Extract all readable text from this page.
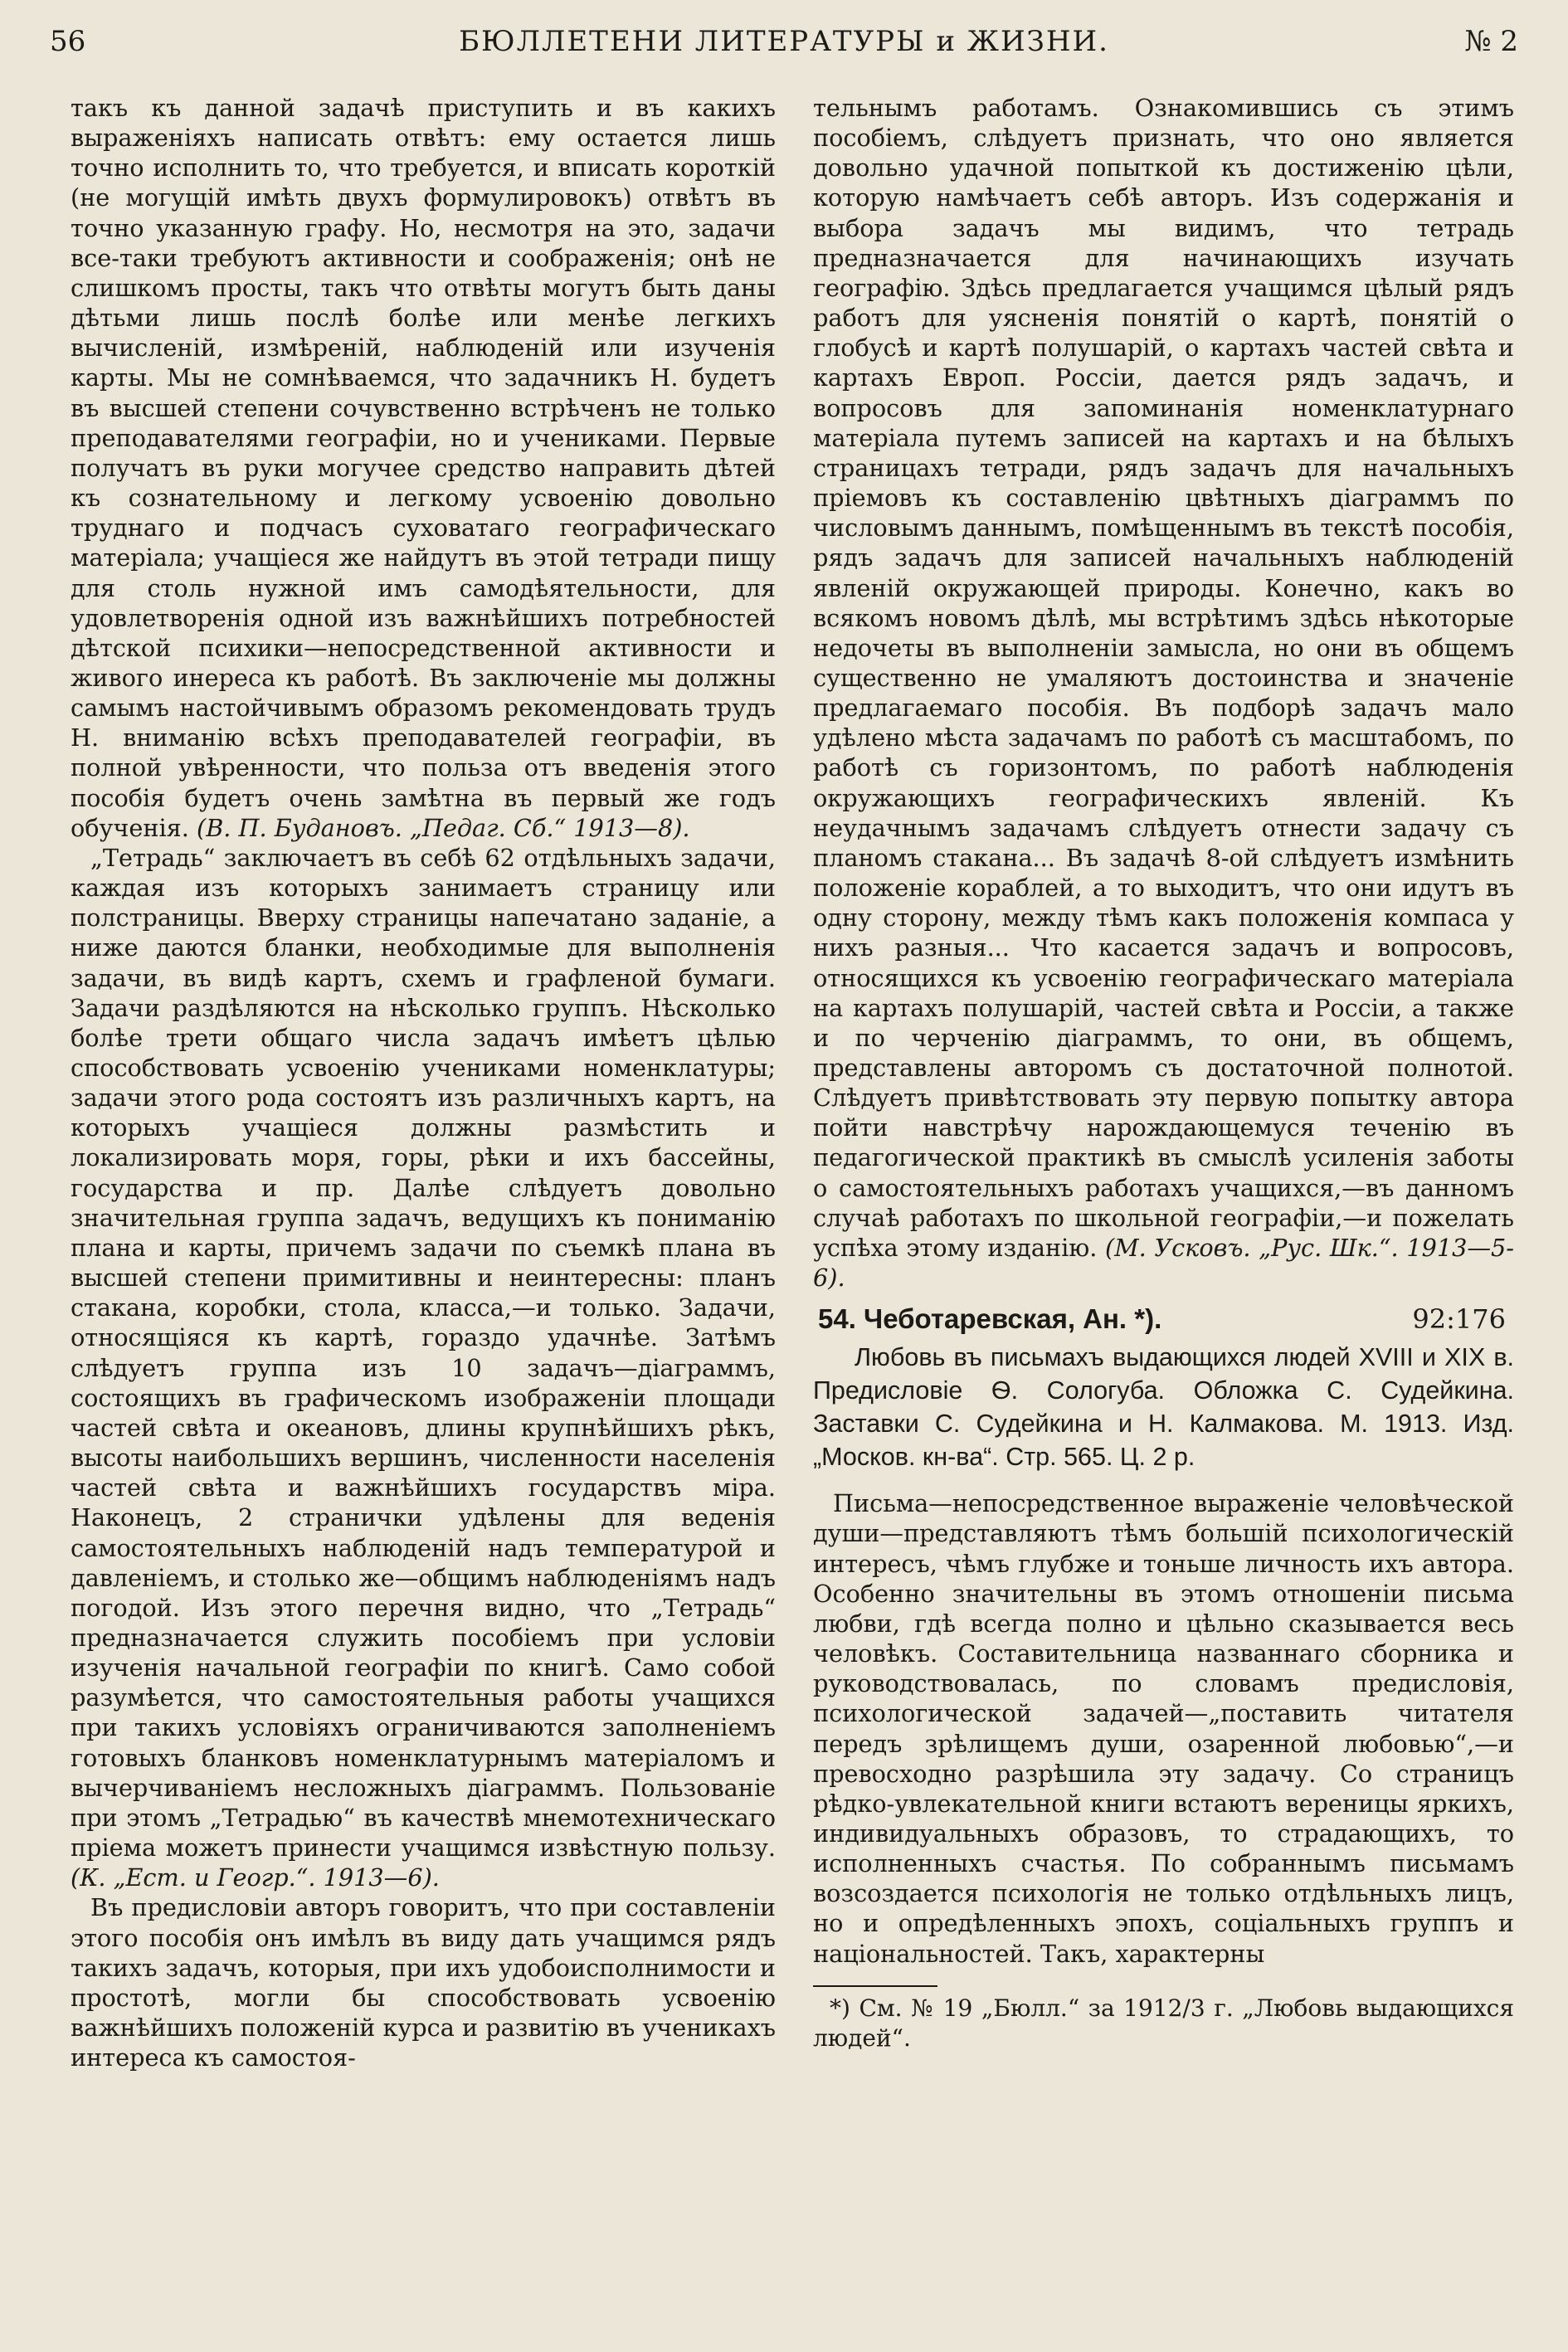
56	БЮЛЛЕТЕНИ ЛИТЕРАТУРЫ и ЖИЗНИ.	№ 2

такъ къ данной задачѣ приступить и въ какихъ выраженіяхъ написать отвѣтъ: ему остается лишь точно исполнить то, что требуется, и вписать короткій (не могущій имѣть двухъ формулировокъ) отвѣтъ въ точно указанную графу. Но, несмотря на это, задачи все-таки требуютъ активности и соображенія; онѣ не слишкомъ просты, такъ что отвѣты могутъ быть даны дѣтьми лишь послѣ болѣе или менѣе легкихъ вычисленій, измѣреній, наблюденій или изученія карты. Мы не сомнѣваемся, что задачникъ Н. будетъ въ высшей степени сочувственно встрѣченъ не только преподавателями географіи, но и учениками. Первые получатъ въ руки могучее средство направить дѣтей къ сознательному и легкому усвоенію довольно труднаго и подчасъ суховатаго географическаго матеріала; учащіеся же найдутъ въ этой тетради пищу для столь нужной имъ самодѣятельности, для удовлетворенія одной изъ важнѣйшихъ потребностей дѣтской психики—непосредственной активности и живого инереса къ работѣ. Въ заключеніе мы должны самымъ настойчивымъ образомъ рекомендовать трудъ Н. вниманію всѣхъ преподавателей географіи, въ полной увѣренности, что польза отъ введенія этого пособія будетъ очень замѣтна въ первый же годъ обученія. (В. П. Будановъ. „Педаг. Сб.“ 1913—8).

„Тетрадь“ заключаетъ въ себѣ 62 отдѣльныхъ задачи, каждая изъ которыхъ занимаетъ страницу или полстраницы. Вверху страницы напечатано заданіе, а ниже даются бланки, необходимые для выполненія задачи, въ видѣ картъ, схемъ и графленой бумаги. Задачи раздѣляются на нѣсколько группъ. Нѣсколько болѣе трети общаго числа задачъ имѣетъ цѣлью способствовать усвоенію учениками номенклатуры; задачи этого рода состоятъ изъ различныхъ картъ, на которыхъ учащіеся должны размѣстить и локализировать моря, горы, рѣки и ихъ бассейны, государства и пр. Далѣе слѣдуетъ довольно значительная группа задачъ, ведущихъ къ пониманію плана и карты, причемъ задачи по съемкѣ плана въ высшей степени примитивны и неинтересны: планъ стакана, коробки, стола, класса,—и только. Задачи, относящіяся къ картѣ, гораздо удачнѣе. Затѣмъ слѣдуетъ группа изъ 10 задачъ—діаграммъ, состоящихъ въ графическомъ изображеніи площади частей свѣта и океановъ, длины крупнѣйшихъ рѣкъ, высоты наибольшихъ вершинъ, численности населенія частей свѣта и важнѣйшихъ государствъ міра. Наконецъ, 2 странички удѣлены для веденія самостоятельныхъ наблюденій надъ температурой и давленіемъ, и столько же—общимъ наблюденіямъ надъ погодой. Изъ этого перечня видно, что „Тетрадь“ предназначается служить пособіемъ при условіи изученія начальной географіи по книгѣ. Само собой разумѣется, что самостоятельныя работы учащихся при такихъ условіяхъ ограничиваются заполненіемъ готовыхъ бланковъ номенклатурнымъ матеріаломъ и вычерчиваніемъ несложныхъ діаграммъ. Пользованіе при этомъ „Тетрадью“ въ качествѣ мнемотехническаго пріема можетъ принести учащимся извѣстную пользу. (К. „Ест. и Геогр.“. 1913—6).

Въ предисловіи авторъ говоритъ, что при составленіи этого пособія онъ имѣлъ въ виду дать учащимся рядъ такихъ задачъ, которыя, при ихъ удобоисполнимости и простотѣ, могли бы способствовать усвоенію важнѣйшихъ положеній курса и развитію въ ученикахъ интереса къ самостоя-

тельнымъ работамъ. Ознакомившись съ этимъ пособіемъ, слѣдуетъ признать, что оно является довольно удачной попыткой къ достиженію цѣли, которую намѣчаетъ себѣ авторъ. Изъ содержанія и выбора задачъ мы видимъ, что тетрадь предназначается для начинающихъ изучать географію. Здѣсь предлагается учащимся цѣлый рядъ работъ для уясненія понятій о картѣ, понятій о глобусѣ и картѣ полушарій, о картахъ частей свѣта и картахъ Европ. Россіи, дается рядъ задачъ, и вопросовъ для запоминанія номенклатурнаго матеріала путемъ записей на картахъ и на бѣлыхъ страницахъ тетради, рядъ задачъ для начальныхъ пріемовъ къ составленію цвѣтныхъ діаграммъ по числовымъ даннымъ, помѣщеннымъ въ текстѣ пособія, рядъ задачъ для записей начальныхъ наблюденій явленій окружающей природы. Конечно, какъ во всякомъ новомъ дѣлѣ, мы встрѣтимъ здѣсь нѣкоторые недочеты въ выполненіи замысла, но они въ общемъ существенно не умаляютъ достоинства и значеніе предлагаемаго пособія. Въ подборѣ задачъ мало удѣлено мѣста задачамъ по работѣ съ масштабомъ, по работѣ съ горизонтомъ, по работѣ наблюденія окружающихъ географическихъ явленій. Къ неудачнымъ задачамъ слѣдуетъ отнести задачу съ планомъ стакана... Въ задачѣ 8-ой слѣдуетъ измѣнить положеніе кораблей, а то выходитъ, что они идутъ въ одну сторону, между тѣмъ какъ положенія компаса у нихъ разныя... Что касается задачъ и вопросовъ, относящихся къ усвоенію географическаго матеріала на картахъ полушарій, частей свѣта и Россіи, а также и по черченію діаграммъ, то они, въ общемъ, представлены авторомъ съ достаточной полнотой. Слѣдуетъ привѣтствовать эту первую попытку автора пойти навстрѣчу нарождающемуся теченію въ педагогической практикѣ въ смыслѣ усиленія заботы о самостоятельныхъ работахъ учащихся,—въ данномъ случаѣ работахъ по школьной географіи,—и пожелать успѣха этому изданію. (М. Усковъ. „Рус. Шк.“. 1913—5-6).

54. Чеботаревская, Ан. *).	92:176
Любовь въ письмахъ выдающихся людей XVIII и XIX в. Предисловіе Ѳ. Сологуба. Обложка С. Судейкина. Заставки С. Судейкина и Н. Калмакова. М. 1913. Изд. „Москов. кн-ва“. Стр. 565. Ц. 2 р.

Письма—непосредственное выраженіе человѣческой души—представляютъ тѣмъ большій психологическій интересъ, чѣмъ глубже и тоньше личность ихъ автора. Особенно значительны въ этомъ отношеніи письма любви, гдѣ всегда полно и цѣльно сказывается весь человѣкъ. Составительница названнаго сборника и руководствовалась, по словамъ предисловія, психологической задачей—„поставить читателя передъ зрѣлищемъ души, озаренной любовью“,—и превосходно разрѣшила эту задачу. Со страницъ рѣдко-увлекательной книги встаютъ вереницы яркихъ, индивидуальныхъ образовъ, то страдающихъ, то исполненныхъ счастья. По собраннымъ письмамъ возсоздается психологія не только отдѣльныхъ лицъ, но и опредѣленныхъ эпохъ, соціальныхъ группъ и національностей. Такъ, характерны

*) См. № 19 „Бюлл.“ за 1912/3 г. „Любовь выдающихся людей“.
